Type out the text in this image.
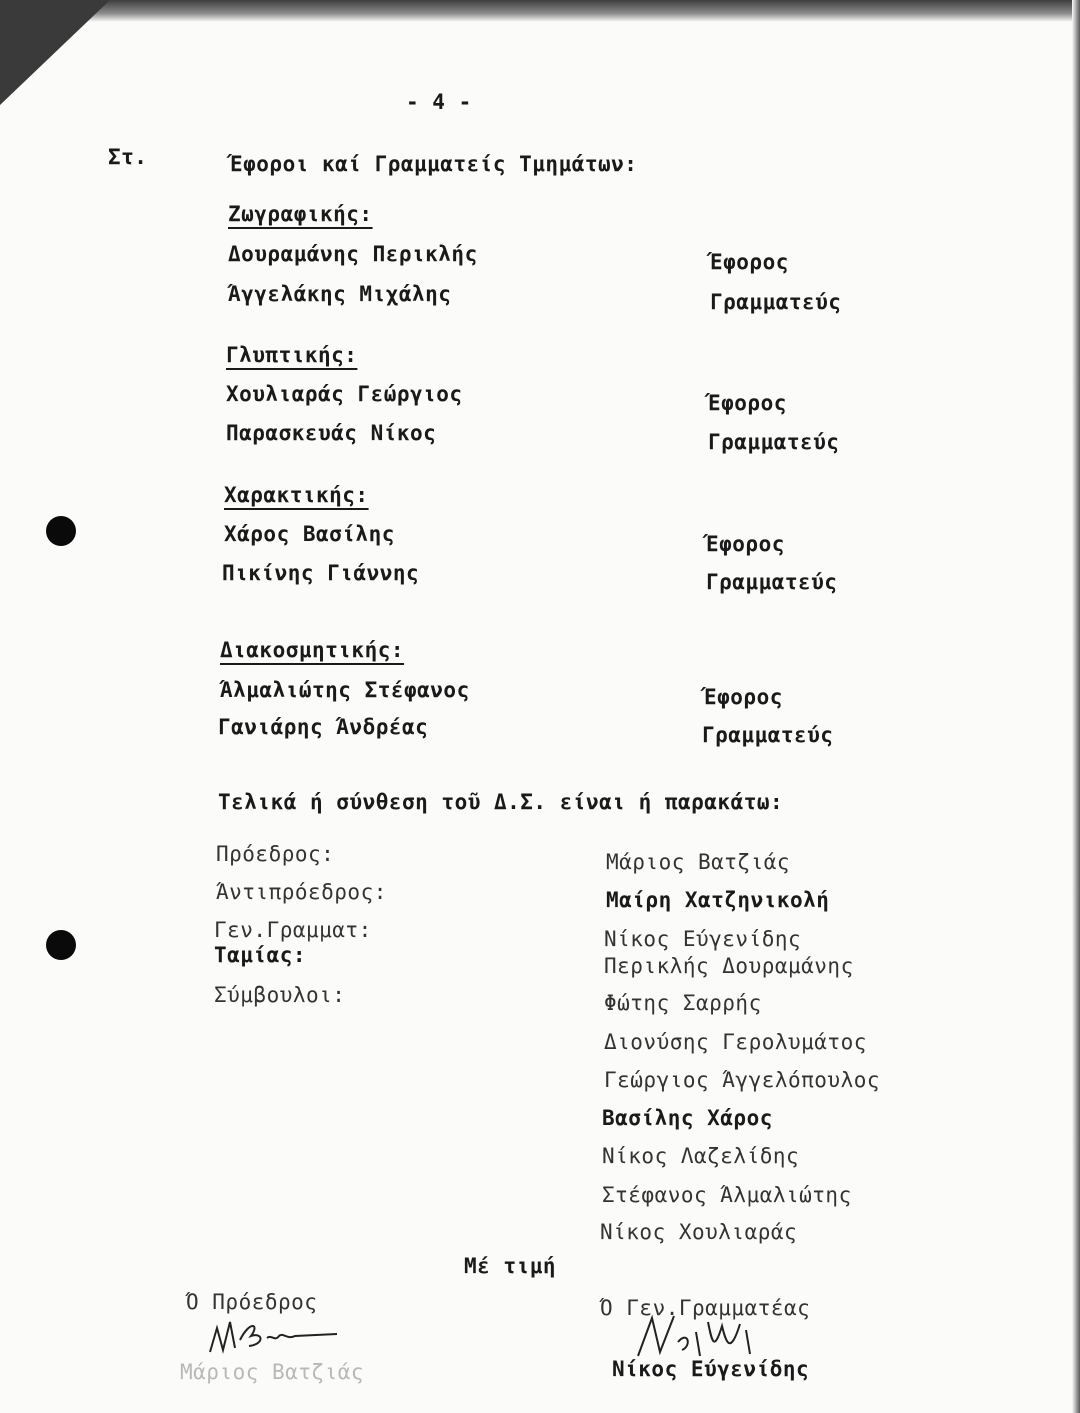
- 4 -
Στ.	Έφοροι καί Γραμματείς Τμημάτων:
Ζωγραφικής:
Δουραμάνης Περικλής	Έφορος
Άγγελάκης Μιχάλης	Γραμματεύς
Γλυπτικής:
Χουλιαράς Γεώργιος	Έφορος
Παρασκευάς Νίκος	Γραμματεύς
Χαρακτικής:
Χάρος Βασίλης	Έφορος
Πικίνης Γιάννης	Γραμματεύς
Διακοσμητικής:
Άλμαλιώτης Στέφανος	Έφορος
Γανιάρης Άνδρέας	Γραμματεύς
Τελικά ή σύνθεση τοῦ Δ.Σ. είναι ή παρακάτω:
Πρόεδρος:	Μάριος Βατζιάς
Άντιπρόεδρος:	Μαίρη Χατζηνικολή
Γεν.Γραμματ:	Νίκος Εύγενίδης
Ταμίας:	Περικλής Δουραμάνης
Σύμβουλοι:	Φώτης Σαρρής
Διονύσης Γερολυμάτος
Γεώργιος Άγγελόπουλος
Βασίλης Χάρος
Νίκος Λαζελίδης
Στέφανος Άλμαλιώτης
Νίκος Χουλιαράς
Μέ τιμή
Ό Πρόεδρος
Μάριος Βατζιάς
Ό Γεν.Γραμματέας
Νίκος Εύγενίδης
